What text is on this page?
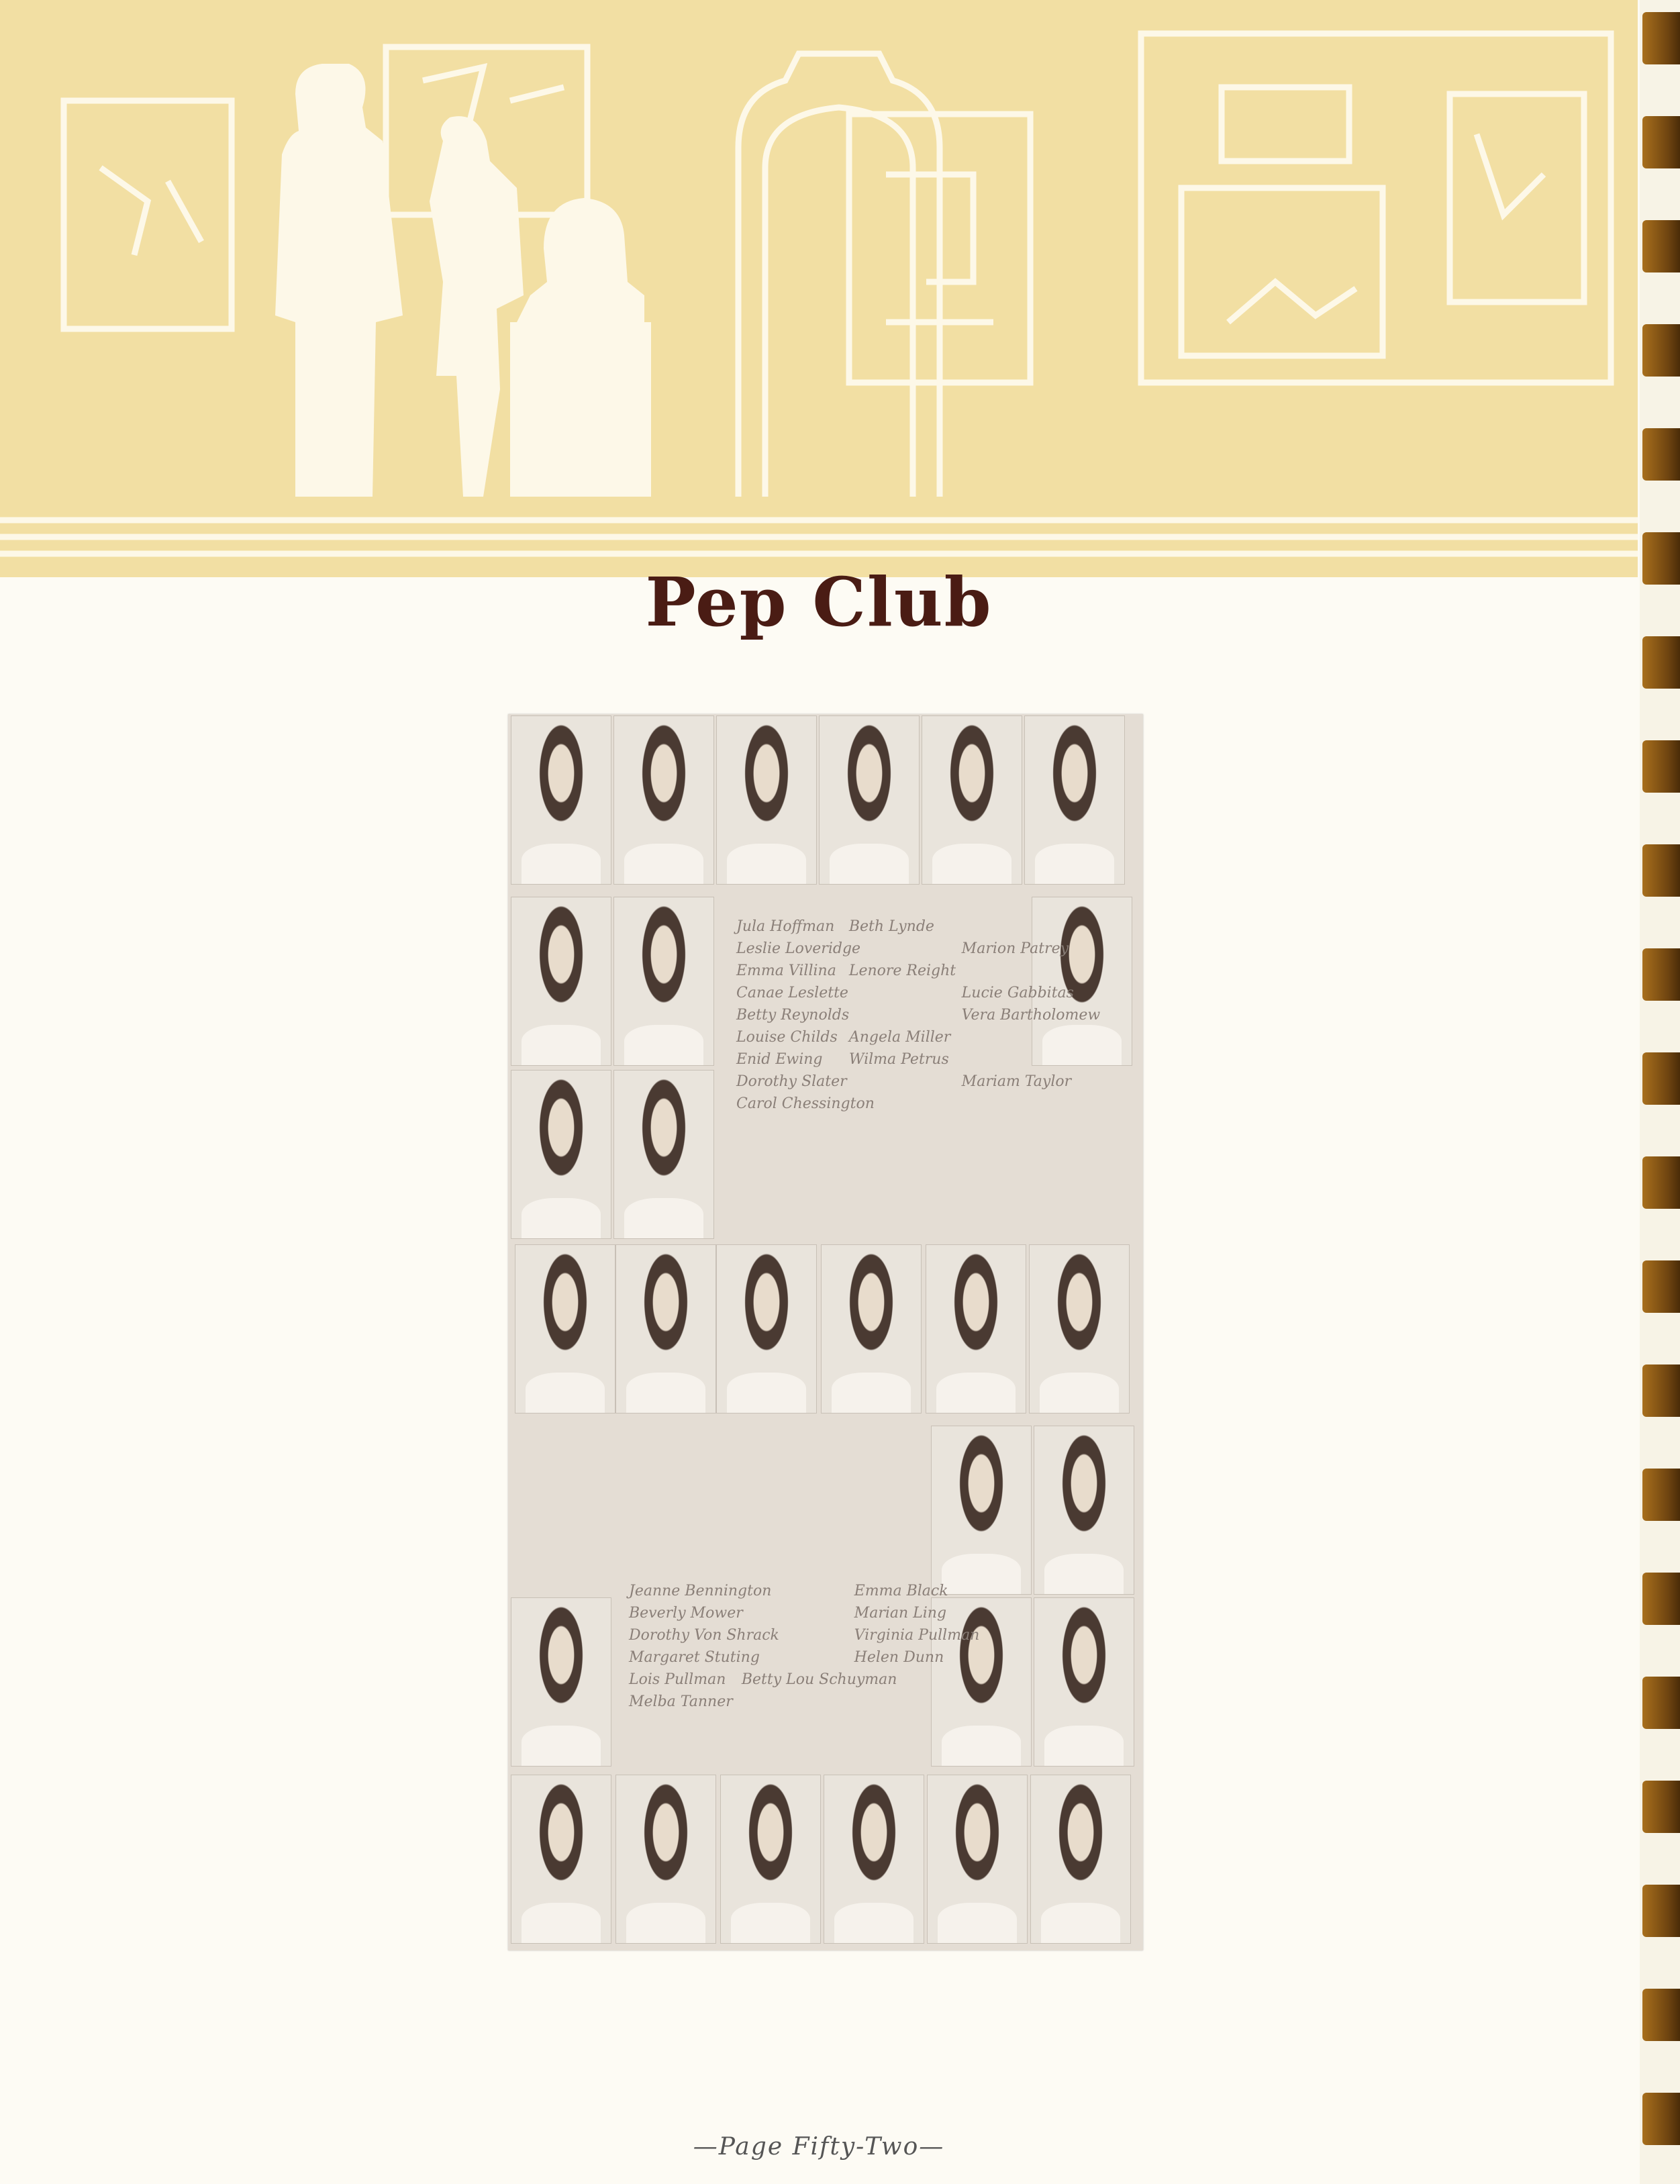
Pep Club
Jula Hoffman	Beth Lynde
Leslie Loveridge	Marion Patrey
Emma Villina	Lenore Reight
Canae Leslette	Lucie Gabbitas
Betty Reynolds	Vera Bartholomew
Louise Childs	Angela Miller
Enid Ewing	Wilma Petrus
Dorothy Slater	Mariam Taylor
Carol Chessington
Jeanne Bennington	Emma Black
Beverly Mower	Marian Ling
Dorothy Von Shrack	Virginia Pullman
Margaret Stuting	Helen Dunn
Lois Pullman	Betty Lou Schuyman
Melba Tanner
—Page Fifty-Two—
